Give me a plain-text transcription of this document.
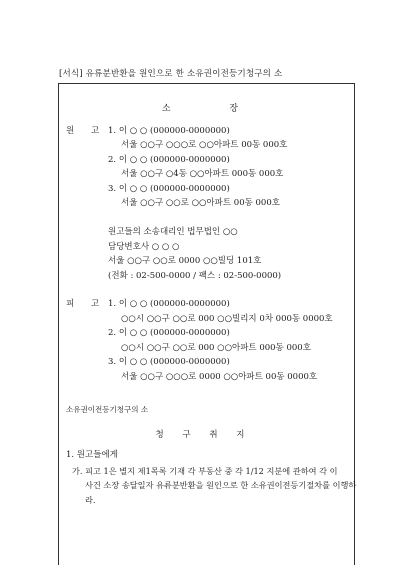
[서식] 유류분반환을 원인으로 한 소유권이전등기청구의 소
소 장
원 고	1. 이 ○ ○ (000000-0000000)
서울 ○○구 ○○○로 ○○아파트 00동 000호
2. 이 ○ ○ (000000-0000000)
서울 ○○구 ○4동 ○○아파트 000동 000호
3. 이 ○ ○ (000000-0000000)
서울 ○○구 ○○로 ○○아파트 00동 000호
원고들의 소송대리인 법무법인 ○○
담당변호사 ○ ○ ○
서울 ○○구 ○○로 0000 ○○빌딩 101호
(전화 : 02-500-0000 / 팩스 : 02-500-0000)
피 고	1. 이 ○ ○ (000000-0000000)
○○시 ○○구 ○○로 000 ○○빌리지 0차 000동 0000호
2. 이 ○ ○ (000000-0000000)
○○시 ○○구 ○○로 000 ○○아파트 000동 000호
3. 이 ○ ○ (000000-0000000)
서울 ○○구 ○○○로 0000 ○○아파트 00동 0000호
소유권이전등기청구의 소
청 구 취 지
1. 원고들에게
가. 피고 1은 별지 제1목록 기재 각 부동산 중 각 1/12 지분에 관하여 각 이
사건 소장 송달일자 유류분반환을 원인으로 한 소유권이전등기절차를 이행하
라.
